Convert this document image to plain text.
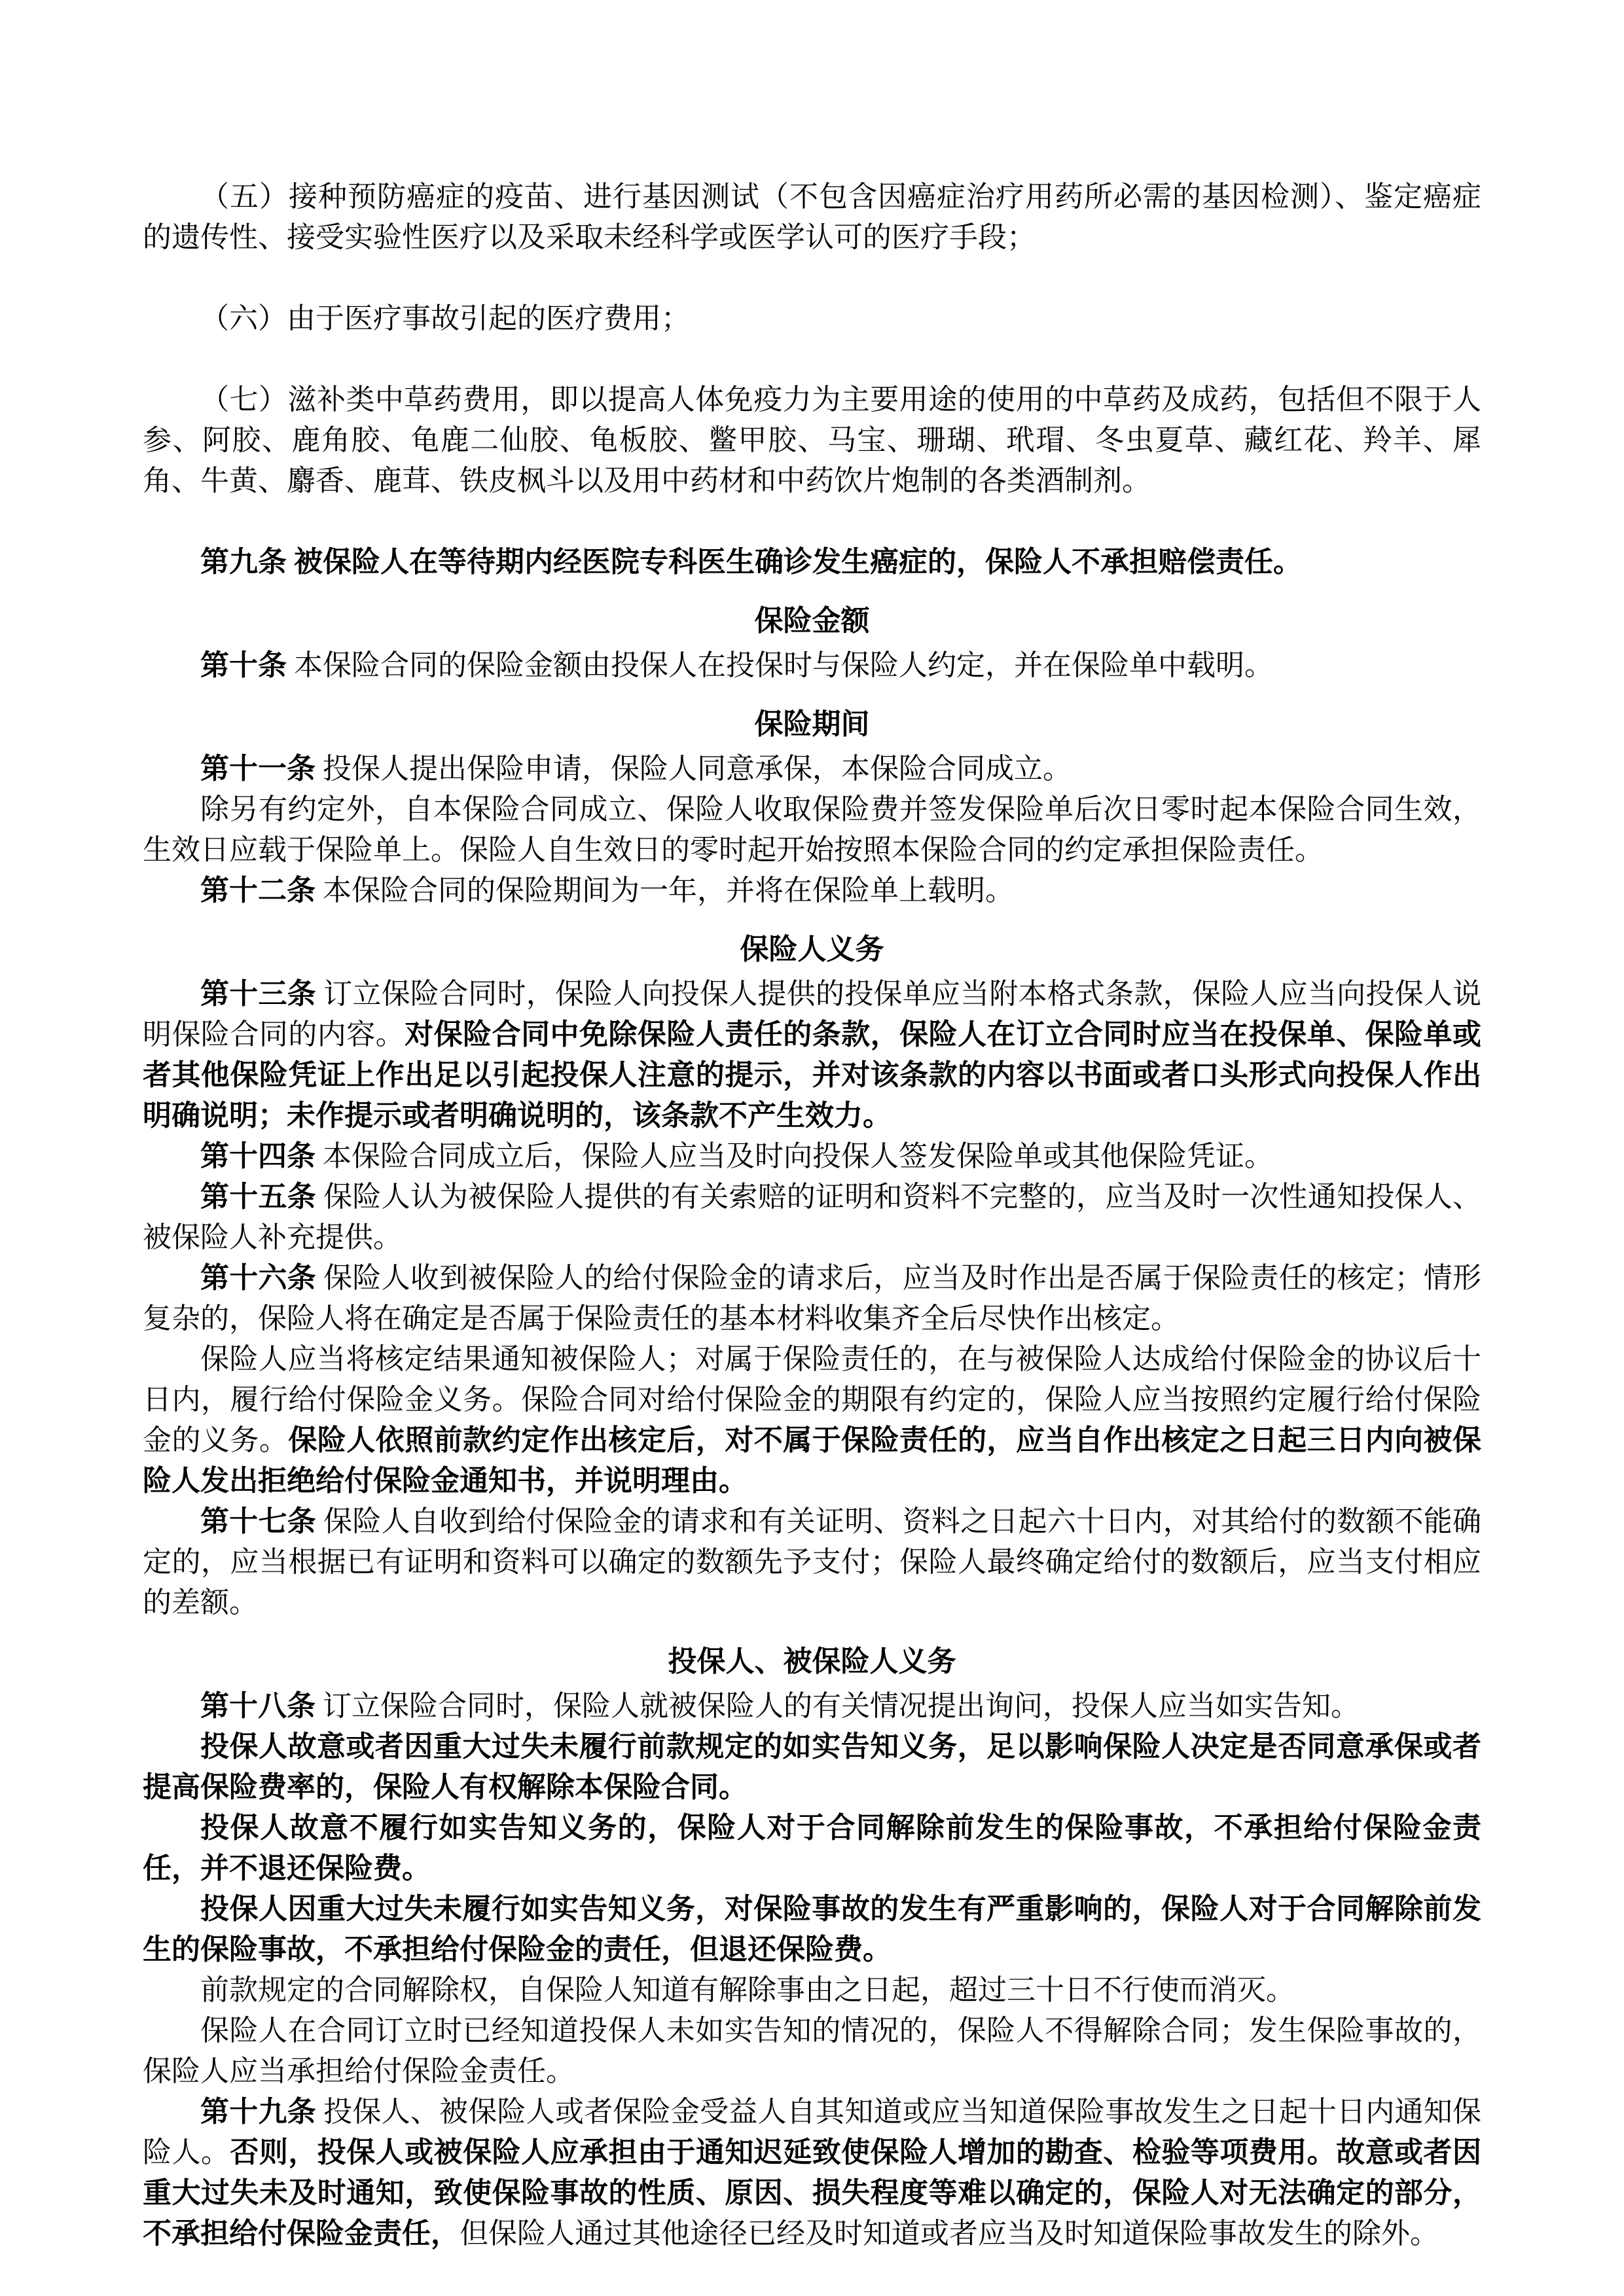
（五）接种预防癌症的疫苗、进行基因测试（不包含因癌症治疗用药所必需的基因检测）、鉴定癌症的遗传性、接受实验性医疗以及采取未经科学或医学认可的医疗手段；

（六）由于医疗事故引起的医疗费用；

（七）滋补类中草药费用，即以提高人体免疫力为主要用途的使用的中草药及成药，包括但不限于人参、阿胶、鹿角胶、龟鹿二仙胶、龟板胶、鳖甲胶、马宝、珊瑚、玳瑁、冬虫夏草、藏红花、羚羊、犀角、牛黄、麝香、鹿茸、铁皮枫斗以及用中药材和中药饮片炮制的各类酒制剂。

第九条 被保险人在等待期内经医院专科医生确诊发生癌症的，保险人不承担赔偿责任。

保险金额

第十条 本保险合同的保险金额由投保人在投保时与保险人约定，并在保险单中载明。

保险期间

第十一条 投保人提出保险申请，保险人同意承保，本保险合同成立。

除另有约定外，自本保险合同成立、保险人收取保险费并签发保险单后次日零时起本保险合同生效，生效日应载于保险单上。保险人自生效日的零时起开始按照本保险合同的约定承担保险责任。

第十二条 本保险合同的保险期间为一年，并将在保险单上载明。

保险人义务

第十三条 订立保险合同时，保险人向投保人提供的投保单应当附本格式条款，保险人应当向投保人说明保险合同的内容。对保险合同中免除保险人责任的条款，保险人在订立合同时应当在投保单、保险单或者其他保险凭证上作出足以引起投保人注意的提示，并对该条款的内容以书面或者口头形式向投保人作出明确说明；未作提示或者明确说明的，该条款不产生效力。

第十四条 本保险合同成立后，保险人应当及时向投保人签发保险单或其他保险凭证。

第十五条 保险人认为被保险人提供的有关索赔的证明和资料不完整的，应当及时一次性通知投保人、被保险人补充提供。

第十六条 保险人收到被保险人的给付保险金的请求后，应当及时作出是否属于保险责任的核定；情形复杂的，保险人将在确定是否属于保险责任的基本材料收集齐全后尽快作出核定。

保险人应当将核定结果通知被保险人；对属于保险责任的，在与被保险人达成给付保险金的协议后十日内，履行给付保险金义务。保险合同对给付保险金的期限有约定的，保险人应当按照约定履行给付保险金的义务。保险人依照前款约定作出核定后，对不属于保险责任的，应当自作出核定之日起三日内向被保险人发出拒绝给付保险金通知书，并说明理由。

第十七条 保险人自收到给付保险金的请求和有关证明、资料之日起六十日内，对其给付的数额不能确定的，应当根据已有证明和资料可以确定的数额先予支付；保险人最终确定给付的数额后，应当支付相应的差额。

投保人、被保险人义务

第十八条 订立保险合同时，保险人就被保险人的有关情况提出询问，投保人应当如实告知。

投保人故意或者因重大过失未履行前款规定的如实告知义务，足以影响保险人决定是否同意承保或者提高保险费率的，保险人有权解除本保险合同。

投保人故意不履行如实告知义务的，保险人对于合同解除前发生的保险事故，不承担给付保险金责任，并不退还保险费。

投保人因重大过失未履行如实告知义务，对保险事故的发生有严重影响的，保险人对于合同解除前发生的保险事故，不承担给付保险金的责任，但退还保险费。

前款规定的合同解除权，自保险人知道有解除事由之日起，超过三十日不行使而消灭。

保险人在合同订立时已经知道投保人未如实告知的情况的，保险人不得解除合同；发生保险事故的，保险人应当承担给付保险金责任。

第十九条 投保人、被保险人或者保险金受益人自其知道或应当知道保险事故发生之日起十日内通知保险人。否则，投保人或被保险人应承担由于通知迟延致使保险人增加的勘查、检验等项费用。故意或者因重大过失未及时通知，致使保险事故的性质、原因、损失程度等难以确定的，保险人对无法确定的部分，不承担给付保险金责任，但保险人通过其他途径已经及时知道或者应当及时知道保险事故发生的除外。
